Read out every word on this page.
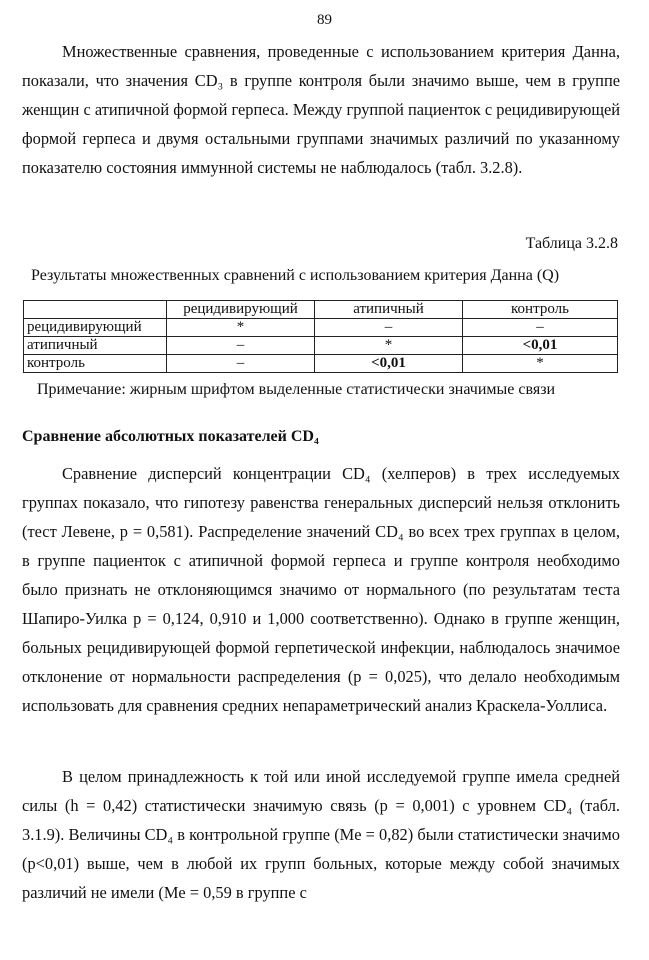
89

Множественные сравнения, проведенные с использованием критерия Данна, показали, что значения CD₃ в группе контроля были значимо выше, чем в группе женщин с атипичной формой герпеса. Между группой пациенток с рецидивирующей формой герпеса и двумя остальными группами значимых различий по указанному показателю состояния иммунной системы не наблюдалось (табл. 3.2.8).

Таблица 3.2.8
Результаты множественных сравнений с использованием критерия Данна (Q)
	рецидивирующий	атипичный	контроль
рецидивирующий	*	–	–
атипичный	–	*	<0,01
контроль	–	<0,01	*
Примечание: жирным шрифтом выделенные статистически значимые связи
Сравнение абсолютных показателей CD₄

Сравнение дисперсий концентрации CD₄ (хелперов) в трех исследуемых группах показало, что гипотезу равенства генеральных дисперсий нельзя отклонить (тест Левене, p = 0,581). Распределение значений CD₄ во всех трех группах в целом, в группе пациенток с атипичной формой герпеса и группе контроля необходимо было признать не отклоняющимся значимо от нормального (по результатам теста Шапиро-Уилка p = 0,124, 0,910 и 1,000 соответственно). Однако в группе женщин, больных рецидивирующей формой герпетической инфекции, наблюдалось значимое отклонение от нормальности распределения (p = 0,025), что делало необходимым использовать для сравнения средних непараметрический анализ Краскела-Уоллиса.

В целом принадлежность к той или иной исследуемой группе имела средней силы (h = 0,42) статистически значимую связь (p = 0,001) с уровнем CD₄ (табл. 3.1.9). Величины CD₄ в контрольной группе (Me = 0,82) были статистически значимо (p<0,01) выше, чем в любой их групп больных, которые между собой значимых различий не имели (Me = 0,59 в группе с
